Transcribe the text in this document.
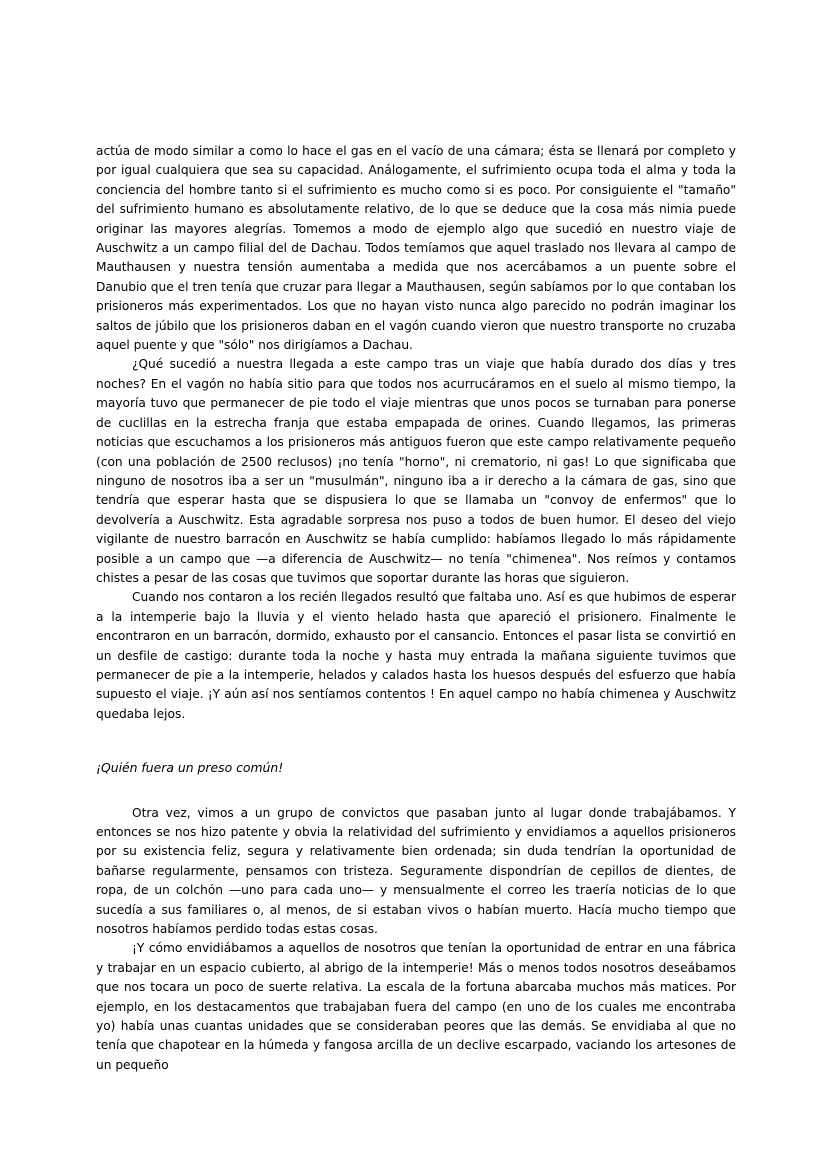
actúa de modo similar a como lo hace el gas en el vacío de una cámara; ésta se llenará por completo y por igual cualquiera que sea su capacidad. Análogamente, el sufrimiento ocupa toda el alma y toda la conciencia del hombre tanto si el sufrimiento es mucho como si es poco. Por consiguiente el "tamaño" del sufrimiento humano es absolutamente relativo, de lo que se deduce que la cosa más nimia puede originar las mayores alegrías. Tomemos a modo de ejemplo algo que sucedió en nuestro viaje de Auschwitz a un campo filial del de Dachau. Todos temíamos que aquel traslado nos llevara al campo de Mauthausen y nuestra tensión aumentaba a medida que nos acercábamos a un puente sobre el Danubio que el tren tenía que cruzar para llegar a Mauthausen, según sabíamos por lo que contaban los prisioneros más experimentados. Los que no hayan visto nunca algo parecido no podrán imaginar los saltos de júbilo que los prisioneros daban en el vagón cuando vieron que nuestro transporte no cruzaba aquel puente y que "sólo" nos dirigíamos a Dachau.

¿Qué sucedió a nuestra llegada a este campo tras un viaje que había durado dos días y tres noches? En el vagón no había sitio para que todos nos acurrucáramos en el suelo al mismo tiempo, la mayoría tuvo que permanecer de pie todo el viaje mientras que unos pocos se turnaban para ponerse de cuclillas en la estrecha franja que estaba empapada de orines. Cuando llegamos, las primeras noticias que escuchamos a los prisioneros más antiguos fueron que este campo relativamente pequeño (con una población de 2500 reclusos) ¡no tenía "horno", ni crematorio, ni gas! Lo que significaba que ninguno de nosotros iba a ser un "musulmán", ninguno iba a ir derecho a la cámara de gas, sino que tendría que esperar hasta que se dispusiera lo que se llamaba un "convoy de enfermos" que lo devolvería a Auschwitz. Esta agradable sorpresa nos puso a todos de buen humor. El deseo del viejo vigilante de nuestro barracón en Auschwitz se había cumplido: habíamos llegado lo más rápidamente posible a un campo que —a diferencia de Auschwitz— no tenía "chimenea". Nos reímos y contamos chistes a pesar de las cosas que tuvimos que soportar durante las horas que siguieron.

Cuando nos contaron a los recién llegados resultó que faltaba uno. Así es que hubimos de esperar a la intemperie bajo la lluvia y el viento helado hasta que apareció el prisionero. Finalmente le encontraron en un barracón, dormido, exhausto por el cansancio. Entonces el pasar lista se convirtió en un desfile de castigo: durante toda la noche y hasta muy entrada la mañana siguiente tuvimos que permanecer de pie a la intemperie, helados y calados hasta los huesos después del esfuerzo que había supuesto el viaje. ¡Y aún así nos sentíamos contentos ! En aquel campo no había chimenea y Auschwitz quedaba lejos.

¡Quién fuera un preso común!

Otra vez, vimos a un grupo de convictos que pasaban junto al lugar donde trabajábamos. Y entonces se nos hizo patente y obvia la relatividad del sufrimiento y envidiamos a aquellos prisioneros por su existencia feliz, segura y relativamente bien ordenada; sin duda tendrían la oportunidad de bañarse regularmente, pensamos con tristeza. Seguramente dispondrían de cepillos de dientes, de ropa, de un colchón —uno para cada uno— y mensualmente el correo les traería noticias de lo que sucedía a sus familiares o, al menos, de si estaban vivos o habían muerto. Hacía mucho tiempo que nosotros habíamos perdido todas estas cosas.

¡Y cómo envidiábamos a aquellos de nosotros que tenían la oportunidad de entrar en una fábrica y trabajar en un espacio cubierto, al abrigo de la intemperie! Más o menos todos nosotros deseábamos que nos tocara un poco de suerte relativa. La escala de la fortuna abarcaba muchos más matices. Por ejemplo, en los destacamentos que trabajaban fuera del campo (en uno de los cuales me encontraba yo) había unas cuantas unidades que se consideraban peores que las demás. Se envidiaba al que no tenía que chapotear en la húmeda y fangosa arcilla de un declive escarpado, vaciando los artesones de un pequeño
